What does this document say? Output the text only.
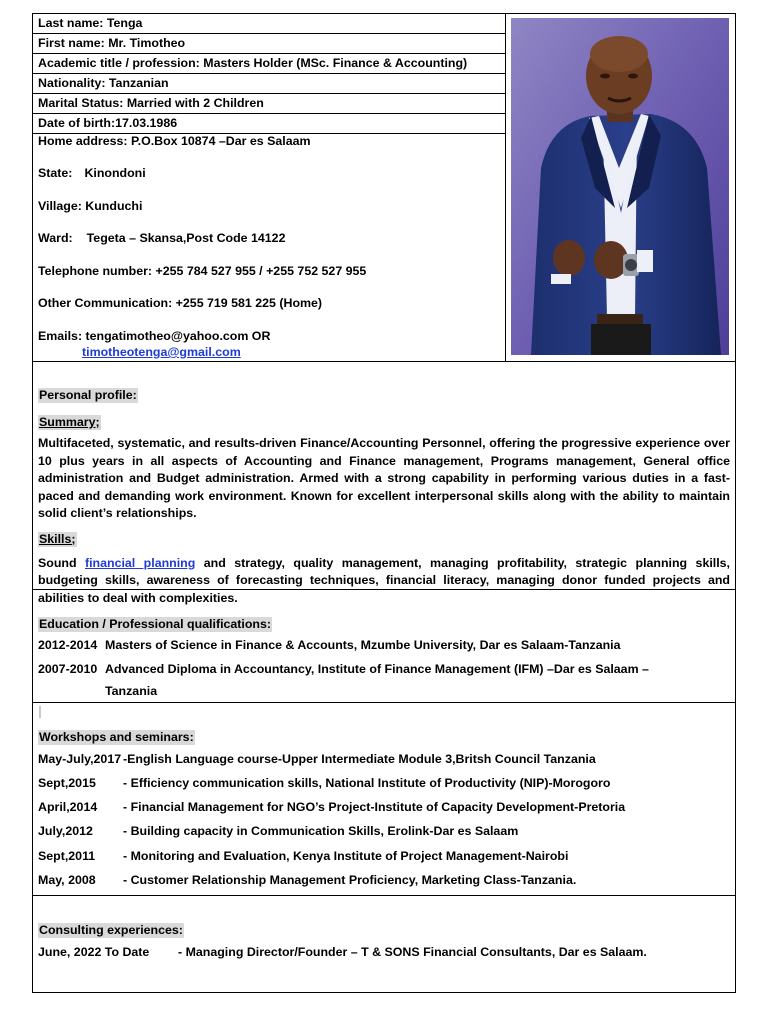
Last name: Tenga
First name: Mr. Timotheo
Academic title / profession: Masters Holder (MSc. Finance & Accounting)
Nationality: Tanzanian
Marital Status: Married with 2 Children
Date of birth:17.03.1986
Home address: P.O.Box 10874 –Dar es Salaam
State: Kinondoni
Village: Kunduchi
Ward: Tegeta – Skansa,Post Code 14122
Telephone number: +255 784 527 955 / +255 752 527 955
Other Communication: +255 719 581 225 (Home)
Emails: tengatimotheo@yahoo.com OR
timotheotenga@gmail.com
Personal profile:
Summary;
Multifaceted, systematic, and results-driven Finance/Accounting Personnel, offering the progressive experience over 10 plus years in all aspects of Accounting and Finance management, Programs management, General office administration and Budget administration. Armed with a strong capability in performing various duties in a fast-paced and demanding work environment. Known for excellent interpersonal skills along with the ability to maintain solid client’s relationships.
Skills;
Sound financial planning and strategy, quality management, managing profitability, strategic planning skills, budgeting skills, awareness of forecasting techniques, financial literacy, managing donor funded projects and abilities to deal with complexities.
Education / Professional qualifications:
2012-2014 Masters of Science in Finance & Accounts, Mzumbe University, Dar es Salaam-Tanzania
2007-2010 Advanced Diploma in Accountancy, Institute of Finance Management (IFM) –Dar es Salaam –
Tanzania
Workshops and seminars:
May-July,2017 -English Language course-Upper Intermediate Module 3,Britsh Council Tanzania
Sept,2015 - Efficiency communication skills, National Institute of Productivity (NIP)-Morogoro
April,2014 - Financial Management for NGO’s Project-Institute of Capacity Development-Pretoria
July,2012 - Building capacity in Communication Skills, Erolink-Dar es Salaam
Sept,2011 - Monitoring and Evaluation, Kenya Institute of Project Management-Nairobi
May, 2008 - Customer Relationship Management Proficiency, Marketing Class-Tanzania.
Consulting experiences:
June, 2022 To Date - Managing Director/Founder – T & SONS Financial Consultants, Dar es Salaam.
